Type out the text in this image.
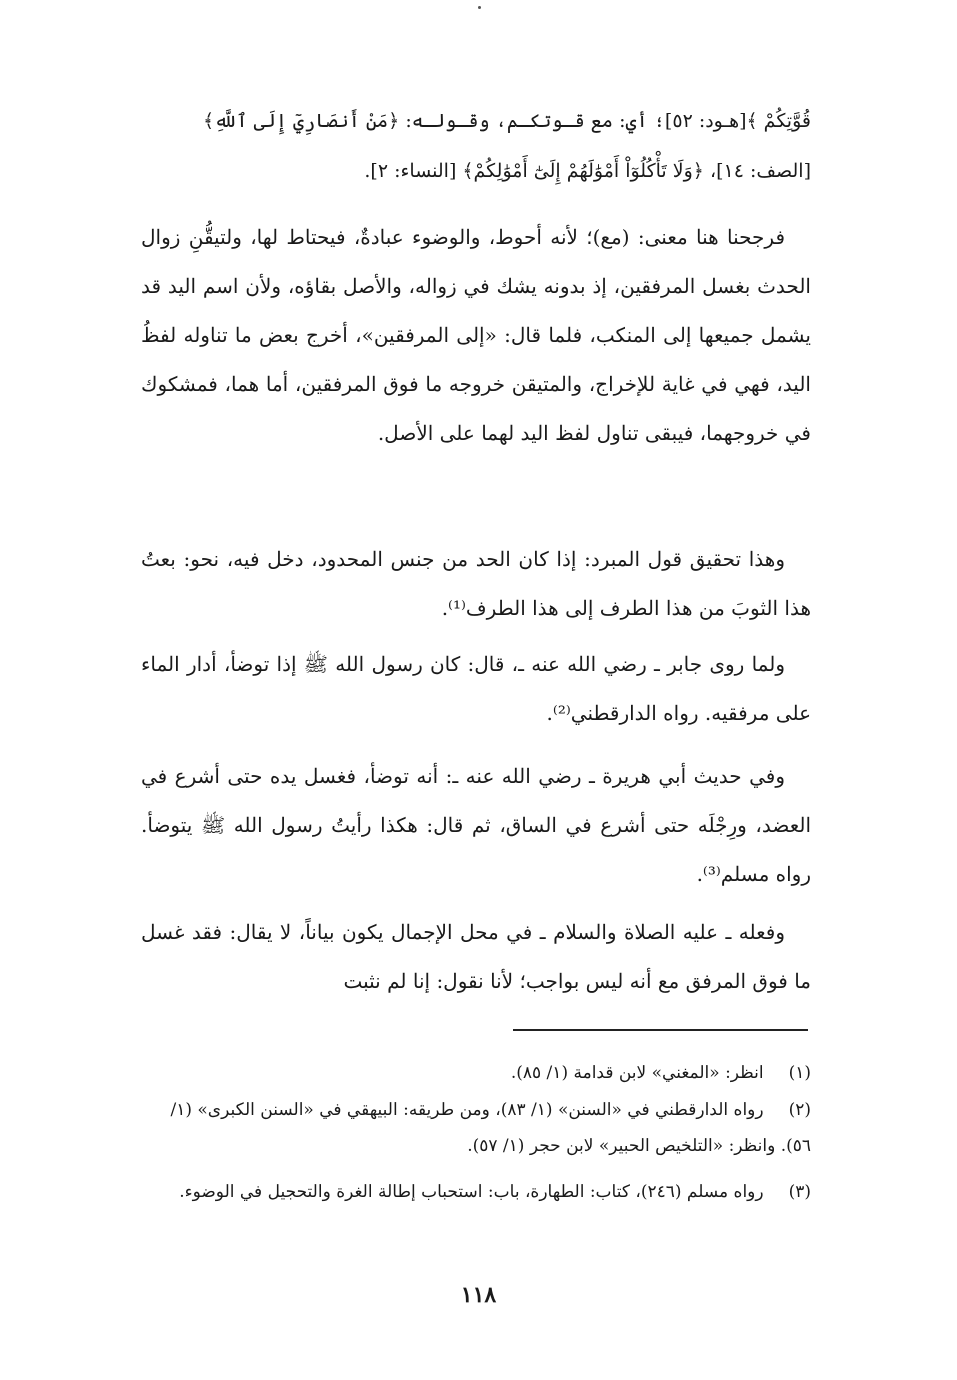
قُوَّتِكُمْ ﴾[هـود: ٥٢]؛ أي: مع قـوتكـم، وقـولـه: ﴿مَنْ أَنصَارِيٓ إِلَى ٱللَّهِ﴾
[الصف: ١٤]، ﴿وَلَا تَأْكُلُوٓاْ أَمْوَٰلَهُمْ إِلَىٰٓ أَمْوَٰلِكُمْ﴾ [النساء: ٢].

فرجحنا هنا معنى: (مع)؛ لأنه أحوط، والوضوء عبادةٌ، فيحتاط لها، ولتيقُّنِ زوال الحدث بغسل المرفقين، إذ بدونه يشك في زواله، والأصل بقاؤه، ولأن اسم اليد قد يشمل جميعها إلى المنكب، فلما قال: «إلى المرفقين»، أخرج بعض ما تناوله لفظُ اليد، فهي في غاية للإخراج، والمتيقن خروجه ما فوق المرفقين، أما هما، فمشكوك في خروجهما، فيبقى تناول لفظ اليد لهما على الأصل.

وهذا تحقيق قول المبرد: إذا كان الحد من جنس المحدود، دخل فيه، نحو: بعتُ هذا الثوبَ من هذا الطرف إلى هذا الطرف⁽¹⁾.

ولما روى جابر ـ رضي الله عنه ـ، قال: كان رسول الله ﷺ إذا توضأ، أدار الماء على مرفقيه. رواه الدارقطني⁽²⁾.

وفي حديث أبي هريرة ـ رضي الله عنه ـ: أنه توضأ، فغسل يده حتى أشرع في العضد، ورِجْلَه حتى أشرع في الساق، ثم قال: هكذا رأيتُ رسول الله ﷺ يتوضأ. رواه مسلم⁽³⁾.

وفعله ـ عليه الصلاة والسلام ـ في محل الإجمال يكون بياناً، لا يقال: فقد غسل ما فوق المرفق مع أنه ليس بواجب؛ لأنا نقول: إنا لم نثبت

(١) انظر: «المغني» لابن قدامة (١/ ٨٥).
(٢) رواه الدارقطني في «السنن» (١/ ٨٣)، ومن طريقه: البيهقي في «السنن الكبرى» (١/ ٥٦). وانظر: «التلخيص الحبير» لابن حجر (١/ ٥٧).
(٣) رواه مسلم (٢٤٦)، كتاب: الطهارة، باب: استحباب إطالة الغرة والتحجيل في الوضوء.
١١٨
